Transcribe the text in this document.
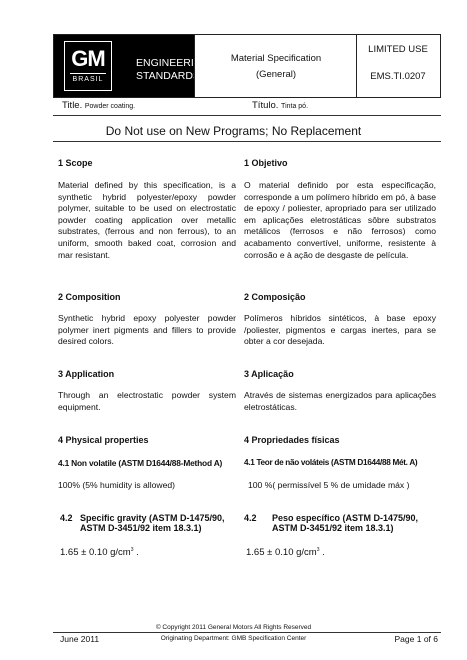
GM
BRASIL
ENGINEERING
STANDARDS
Material Specification
(General)
LIMITED USE
EMS.TI.0207
Title. Powder coating.	Título. Tinta pó.
Do Not use on New Programs; No Replacement
1 Scope	1 Objetivo
Material defined by this specification, is a synthetic hybrid polyester/epoxy powder polymer, suitable to be used on electrostatic powder coating application over metallic substrates, (ferrous and non ferrous), to an uniform, smooth baked coat, corrosion and mar resistant.
O material definido por esta especificação, corresponde a um polímero híbrido em pó, à base de epoxy / poliester, apropriado para ser utilizado em aplicações eletrostáticas sôbre substratos metálicos (ferrosos e não ferrosos) como acabamento convertível, uniforme, resistente à corrosão e à ação de desgaste de película.
2 Composition	2 Composição
Synthetic hybrid epoxy polyester powder polymer inert pigments and fillers to provide desired colors.
Polímeros híbridos sintéticos, à base epoxy /poliester, pigmentos e cargas inertes, para se obter a cor desejada.
3 Application	3 Aplicação
Through an electrostatic powder system equipment.
Através de sistemas energizados para aplicações eletrostáticas.
4 Physical properties	4 Propriedades físicas
4.1 Non volatile (ASTM D1644/88-Method A)	4.1 Teor de não voláteis (ASTM D1644/88 Mét. A)
100% (5% humidity is allowed)	100 %( permissível 5 % de umidade máx )
4.2 Specific gravity (ASTM D-1475/90,
ASTM D-3451/92 item 18.3.1)
4.2 Peso específico (ASTM D-1475/90,
ASTM D-3451/92 item 18.3.1)
1.65 ± 0.10 $g/cm^3$ .	1.65 ± 0.10 $g/cm^3$ .
© Copyright 2011 General Motors All Rights Reserved
June 2011	Originating Department: GMB Specification Center	Page 1 of 6
